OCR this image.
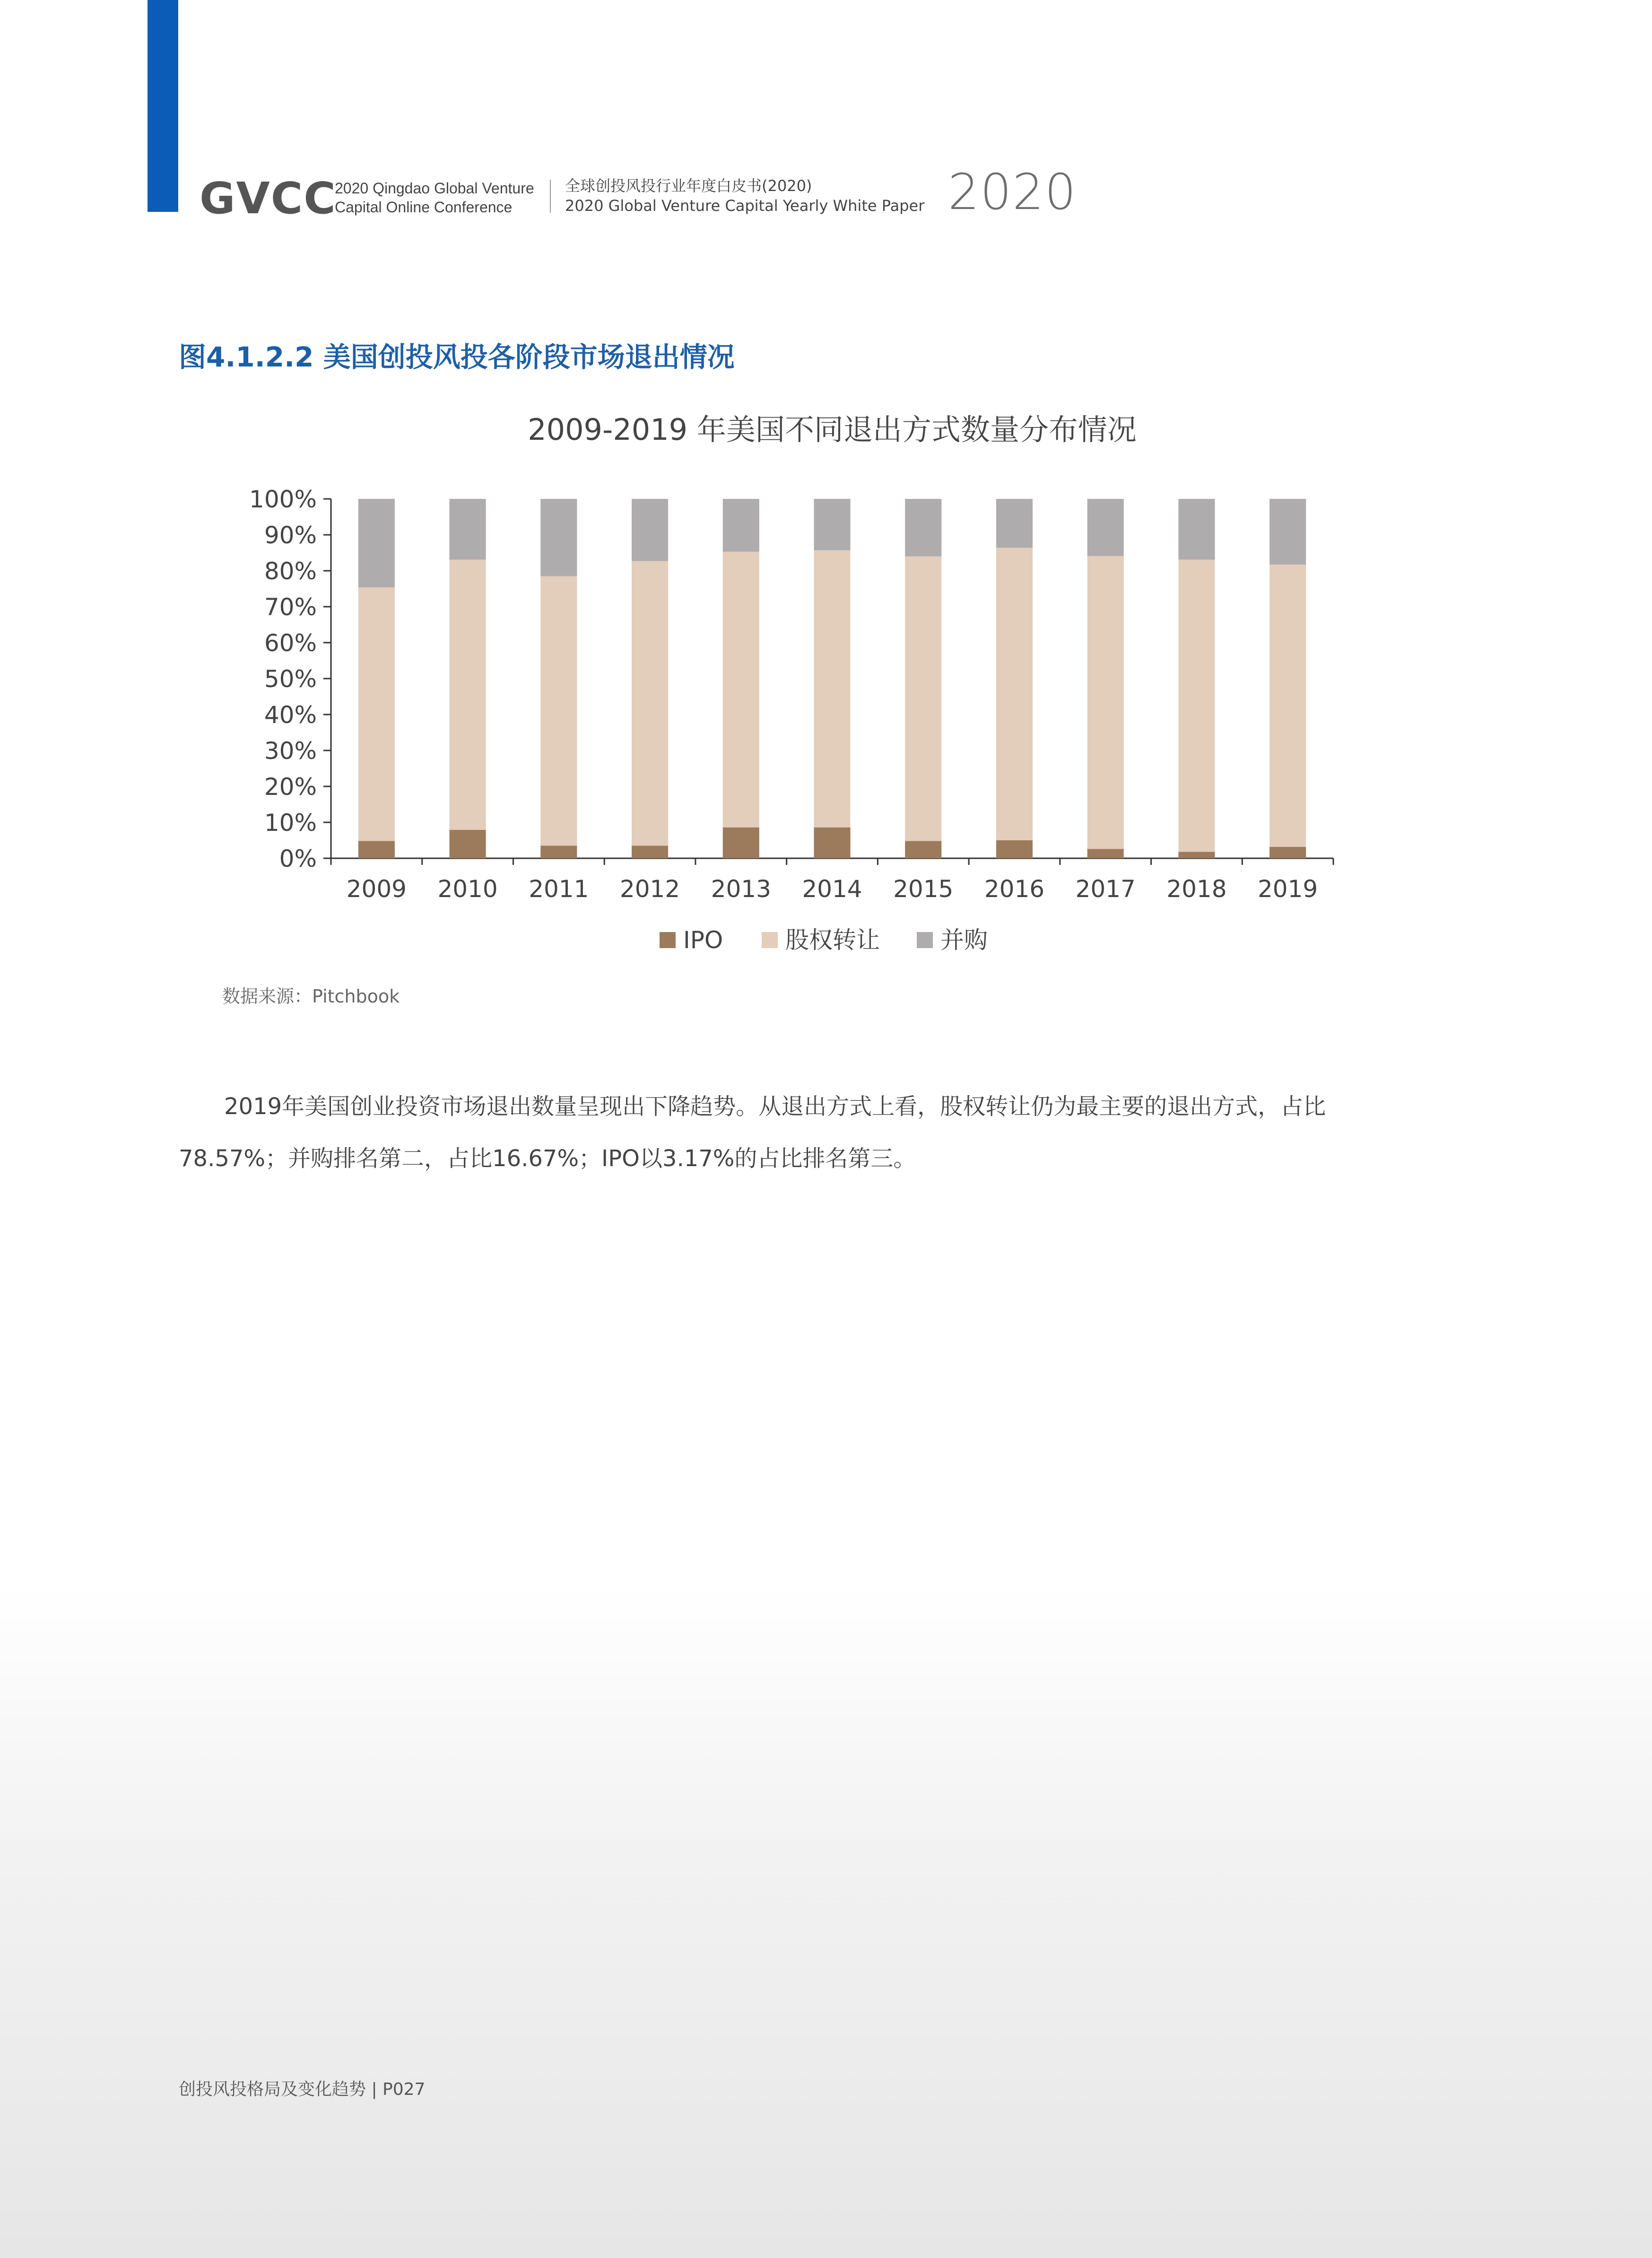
GVCC
2020 Qingdao Global Venture
Capital Online Conference
全球创投风投行业年度白皮书(2020)
2020 Global Venture Capital Yearly White Paper 2020
图4.1.2.2 美国创投风投各阶段市场退出情况
2009-2019 年美国不同退出方式数量分布情况
0%
10%
20%
30%
40%
50%
60%
70%
80%
90%
100%
2009 2010 2011 2012 2013 2014 2015 2016 2017 2018 2019
IPO	股权转让	并购
数据来源：Pitchbook
2019年美国创业投资市场退出数量呈现出下降趋势。从退出方式上看，股权转让仍为最主要的退出方式，占比78.57%；并购排名第二，占比16.67%；IPO以3.17%的占比排名第三。
创投风投格局及变化趋势 | P027
